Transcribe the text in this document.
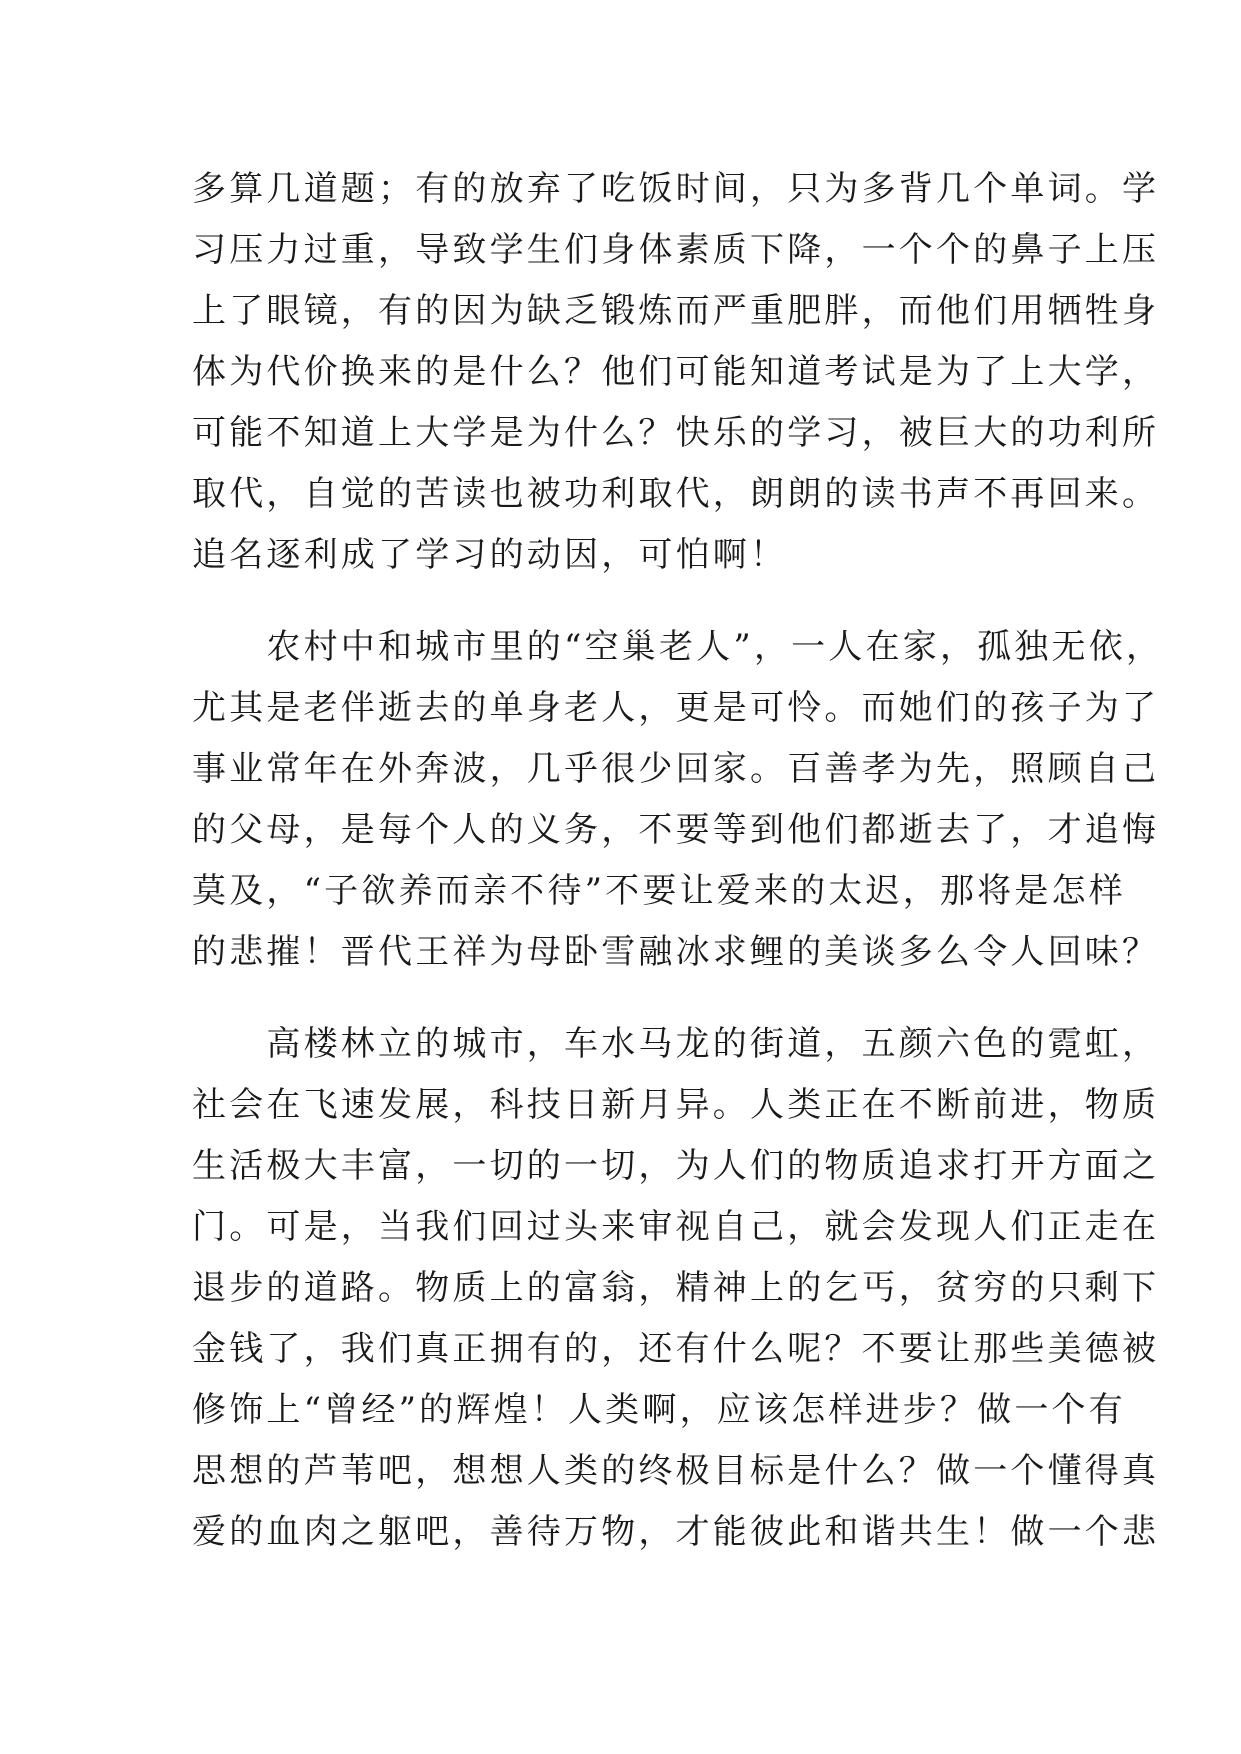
多算几道题；有的放弃了吃饭时间，只为多背几个单词。学
习压力过重，导致学生们身体素质下降，一个个的鼻子上压
上了眼镜，有的因为缺乏锻炼而严重肥胖，而他们用牺牲身
体为代价换来的是什么？他们可能知道考试是为了上大学，
可能不知道上大学是为什么？快乐的学习，被巨大的功利所
取代，自觉的苦读也被功利取代，朗朗的读书声不再回来。
追名逐利成了学习的动因，可怕啊！
　　农村中和城市里的“空巢老人”，一人在家，孤独无依，
尤其是老伴逝去的单身老人，更是可怜。而她们的孩子为了
事业常年在外奔波，几乎很少回家。百善孝为先，照顾自己
的父母，是每个人的义务，不要等到他们都逝去了，才追悔
莫及，“子欲养而亲不待”不要让爱来的太迟，那将是怎样
的悲摧！晋代王祥为母卧雪融冰求鲤的美谈多么令人回味？
　　高楼林立的城市，车水马龙的街道，五颜六色的霓虹，
社会在飞速发展，科技日新月异。人类正在不断前进，物质
生活极大丰富，一切的一切，为人们的物质追求打开方面之
门。可是，当我们回过头来审视自己，就会发现人们正走在
退步的道路。物质上的富翁，精神上的乞丐，贫穷的只剩下
金钱了，我们真正拥有的，还有什么呢？不要让那些美德被
修饰上“曾经”的辉煌！人类啊，应该怎样进步？做一个有
思想的芦苇吧，想想人类的终极目标是什么？做一个懂得真
爱的血肉之躯吧，善待万物，才能彼此和谐共生！做一个悲
